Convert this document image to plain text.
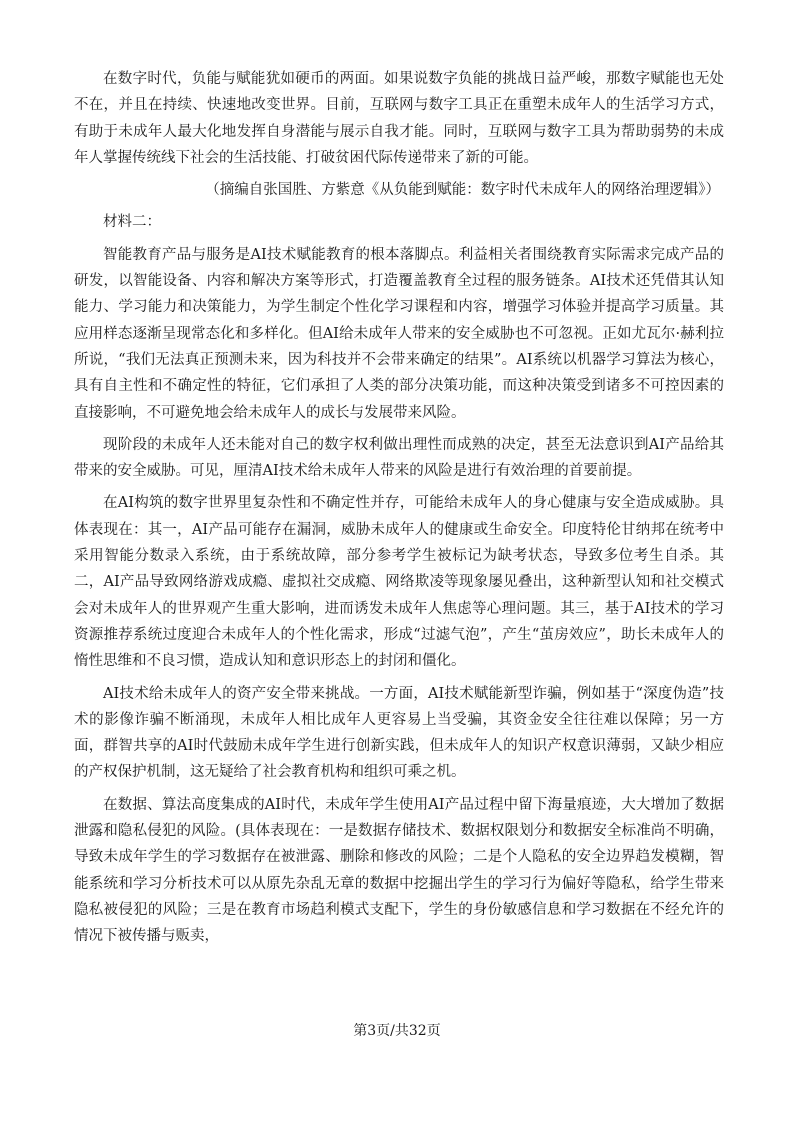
在数字时代，负能与赋能犹如硬币的两面。如果说数字负能的挑战日益严峻，那数字赋能也无处不在，并且在持续、快速地改变世界。目前，互联网与数字工具正在重塑未成年人的生活学习方式，有助于未成年人最大化地发挥自身潜能与展示自我才能。同时，互联网与数字工具为帮助弱势的未成年人掌握传统线下社会的生活技能、打破贫困代际传递带来了新的可能。

（摘编自张国胜、方紫意《从负能到赋能：数字时代未成年人的网络治理逻辑》）

材料二：

智能教育产品与服务是AI技术赋能教育的根本落脚点。利益相关者围绕教育实际需求完成产品的研发，以智能设备、内容和解决方案等形式，打造覆盖教育全过程的服务链条。AI技术还凭借其认知能力、学习能力和决策能力，为学生制定个性化学习课程和内容，增强学习体验并提高学习质量。其应用样态逐渐呈现常态化和多样化。但AI给未成年人带来的安全威胁也不可忽视。正如尤瓦尔·赫利拉所说，“我们无法真正预测未来，因为科技并不会带来确定的结果”。AI系统以机器学习算法为核心，具有自主性和不确定性的特征，它们承担了人类的部分决策功能，而这种决策受到诸多不可控因素的直接影响，不可避免地会给未成年人的成长与发展带来风险。

现阶段的未成年人还未能对自己的数字权利做出理性而成熟的决定，甚至无法意识到AI产品给其带来的安全威胁。可见，厘清AI技术给未成年人带来的风险是进行有效治理的首要前提。

在AI构筑的数字世界里复杂性和不确定性并存，可能给未成年人的身心健康与安全造成威胁。具体表现在：其一，AI产品可能存在漏洞，威胁未成年人的健康或生命安全。印度特伦甘纳邦在统考中采用智能分数录入系统，由于系统故障，部分参考学生被标记为缺考状态，导致多位考生自杀。其二，AI产品导致网络游戏成瘾、虚拟社交成瘾、网络欺凌等现象屡见叠出，这种新型认知和社交模式会对未成年人的世界观产生重大影响，进而诱发未成年人焦虑等心理问题。其三，基于AI技术的学习资源推荐系统过度迎合未成年人的个性化需求，形成“过滤气泡”，产生“茧房效应”，助长未成年人的惰性思维和不良习惯，造成认知和意识形态上的封闭和僵化。

AI技术给未成年人的资产安全带来挑战。一方面，AI技术赋能新型诈骗，例如基于“深度伪造”技术的影像诈骗不断涌现，未成年人相比成年人更容易上当受骗，其资金安全往往难以保障；另一方面，群智共享的AI时代鼓励未成年学生进行创新实践，但未成年人的知识产权意识薄弱，又缺少相应的产权保护机制，这无疑给了社会教育机构和组织可乘之机。

在数据、算法高度集成的AI时代，未成年学生使用AI产品过程中留下海量痕迹，大大增加了数据泄露和隐私侵犯的风险。(具体表现在：一是数据存储技术、数据权限划分和数据安全标准尚不明确，导致未成年学生的学习数据存在被泄露、删除和修改的风险；二是个人隐私的安全边界趋发模糊，智能系统和学习分析技术可以从原先杂乱无章的数据中挖掘出学生的学习行为偏好等隐私，给学生带来隐私被侵犯的风险；三是在教育市场趋利模式支配下，学生的身份敏感信息和学习数据在不经允许的情况下被传播与贩卖，

第3页/共32页
